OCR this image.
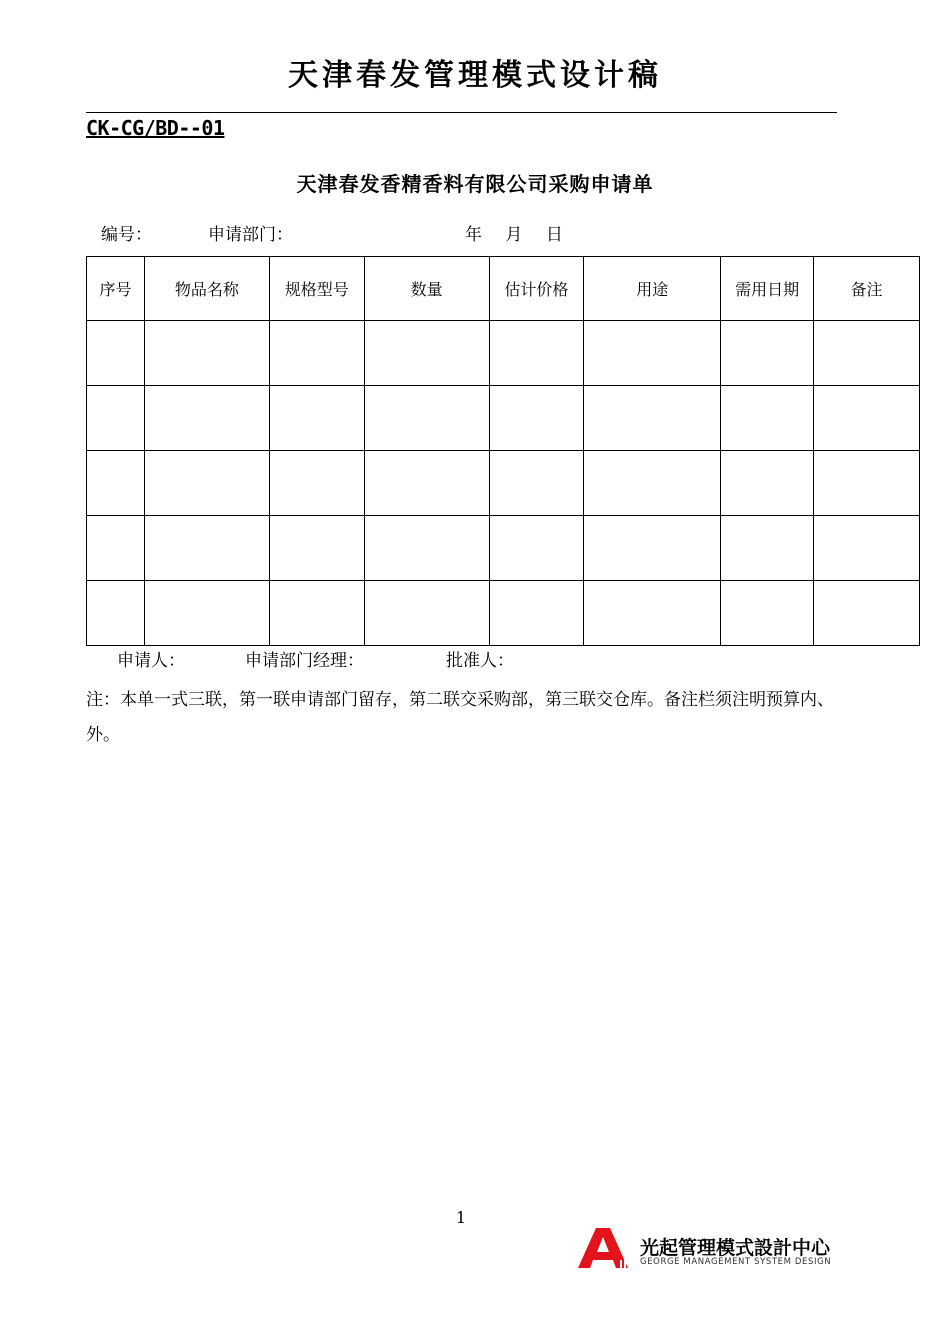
天津春发管理模式设计稿
CK-CG/BD--01
天津春发香精香料有限公司采购申请单
编号：	申请部门：	年 月 日
序号	物品名称	规格型号	数量	估计价格	用途	需用日期	备注

申请人：	申请部门经理：	批准人：
注：本单一式三联，第一联申请部门留存，第二联交采购部，第三联交仓库。备注栏须注明预算内、外。
1
光起管理模式設計中心
GEORGE MANAGEMENT SYSTEM DESIGN
